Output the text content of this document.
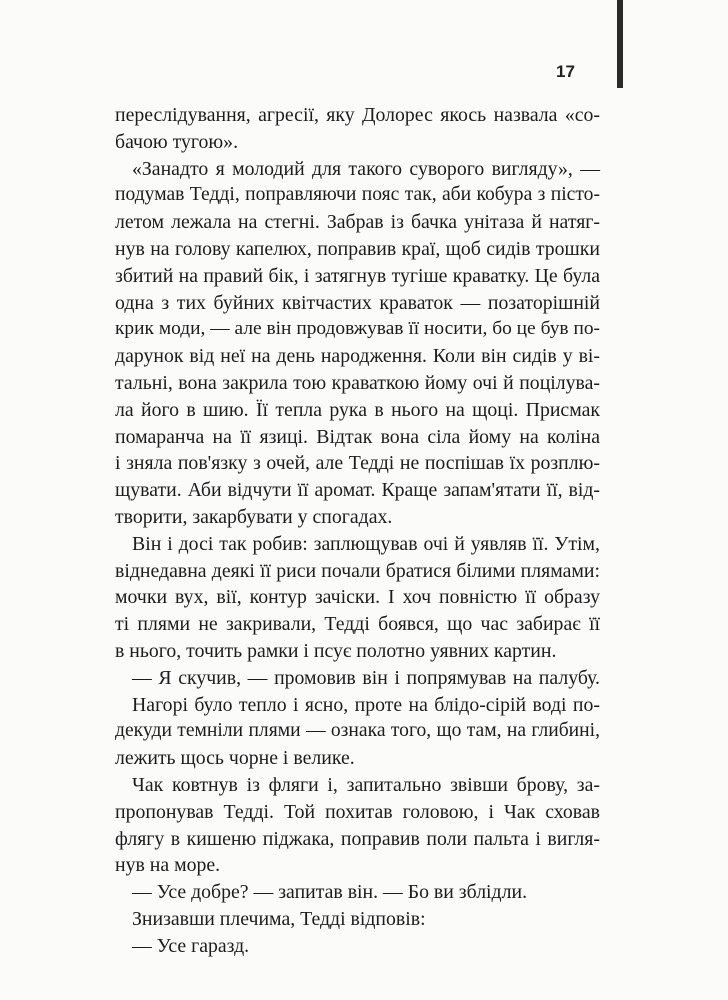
17
переслідування, агресії, яку Долорес якось назвала «со-
бачою тугою».
«Занадто я молодий для такого суворого вигляду», —
подумав Тедді, поправляючи пояс так, аби кобура з пісто-
летом лежала на стегні. Забрав із бачка унітаза й натяг-
нув на голову капелюх, поправив краї, щоб сидів трошки
збитий на правий бік, і затягнув тугіше краватку. Це була
одна з тих буйних квітчастих краваток — позаторішній
крик моди, — але він продовжував її носити, бо це був по-
дарунок від неї на день народження. Коли він сидів у ві-
тальні, вона закрила тою краваткою йому очі й поцілува-
ла його в шию. Її тепла рука в нього на щоці. Присмак
помаранча на її язиці. Відтак вона сіла йому на коліна
і зняла пов'язку з очей, але Тедді не поспішав їх розплю-
щувати. Аби відчути її аромат. Краще запам'ятати її, від-
творити, закарбувати у спогадах.
Він і досі так робив: заплющував очі й уявляв її. Утім,
віднедавна деякі її риси почали братися білими плямами:
мочки вух, вії, контур зачіски. І хоч повністю її образу
ті плями не закривали, Тедді боявся, що час забирає її
в нього, точить рамки і псує полотно уявних картин.
— Я скучив, — промовив він і попрямував на палубу.
Нагорі було тепло і ясно, проте на блідо-сірій воді по-
декуди темніли плями — ознака того, що там, на глибині,
лежить щось чорне і велике.
Чак ковтнув із фляги і, запитально звівши брову, за-
пропонував Тедді. Той похитав головою, і Чак сховав
флягу в кишеню піджака, поправив поли пальта і вигля-
нув на море.
— Усе добре? — запитав він. — Бо ви зблідли.
Знизавши плечима, Тедді відповів:
— Усе гаразд.
